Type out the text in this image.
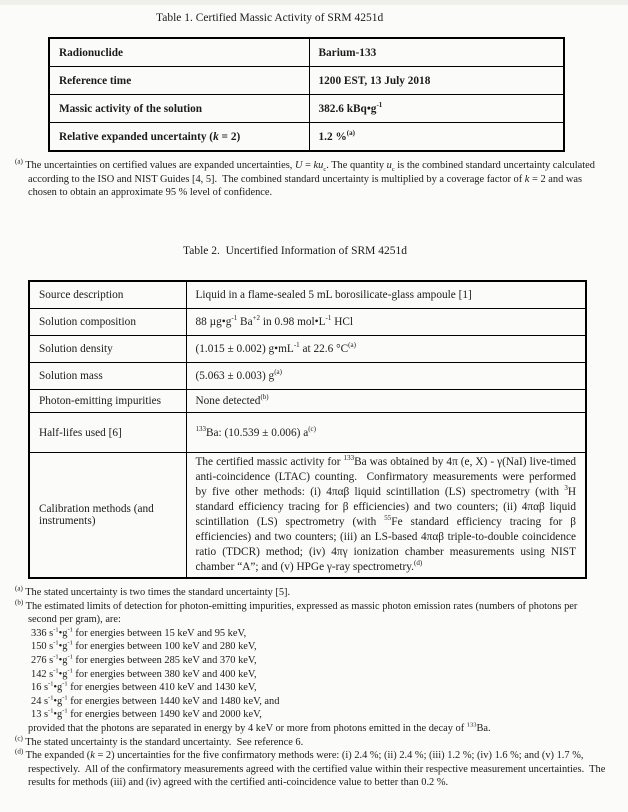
Table 1. Certified Massic Activity of SRM 4251d
Radionuclide	Barium-133
Reference time	1200 EST, 13 July 2018
Massic activity of the solution	382.6 $kBq•g^{-1}$
Relative expanded uncertainty (k = 2)	1.2 %$^{(a)}$
$^{(a)}$ The uncertainties on certified values are expanded uncertainties, $U = ku_c$. The quantity $u_c$ is the combined standard uncertainty calculated according to the ISO and NIST Guides [4, 5].  The combined standard uncertainty is multiplied by a coverage factor of k = 2 and was chosen to obtain an approximate 95 % level of confidence.
Table 2.  Uncertified Information of SRM 4251d
Source description	Liquid in a flame-sealed 5 mL borosilicate-glass ampoule [1]
Solution composition	88 $\mu g•g^{-1}$ $Ba^{+2}$ in 0.98 $mol•L^{-1}$ HCl
Solution density	(1.015 ± 0.002) $g•mL^{-1}$ at 22.6 $^\circ C^{(a)}$
Solution mass	(5.063 ± 0.003) $g^{(a)}$
Photon-emitting impurities	None detected$^{(b)}$
Half-lifes used [6]	$^{133}$Ba: (10.539 ± 0.006) $a^{(c)}$
Calibration methods (and instruments)	The certified massic activity for $^{133}$Ba was obtained by 4π (e, X) - γ(NaI) live-timed anti-coincidence (LTAC) counting.  Confirmatory measurements were performed by five other methods: (i) 4παβ liquid scintillation (LS) spectrometry (with $^3$H standard efficiency tracing for β efficiencies) and two counters; (ii) 4παβ liquid scintillation (LS) spectrometry (with $^{55}$Fe standard efficiency tracing for β efficiencies) and two counters; (iii) an LS-based 4παβ triple-to-double coincidence ratio (TDCR) method; (iv) 4πγ ionization chamber measurements using NIST chamber “A”; and (v) HPGe γ-ray spectrometry.$^{(d)}$
$^{(a)}$ The stated uncertainty is two times the standard uncertainty [5].
$^{(b)}$ The estimated limits of detection for photon-emitting impurities, expressed as massic photon emission rates (numbers of photons per second per gram), are:
336 $s^{-1}•g^{-1}$ for energies between 15 keV and 95 keV,
150 $s^{-1}•g^{-1}$ for energies between 100 keV and 280 keV,
276 $s^{-1}•g^{-1}$ for energies between 285 keV and 370 keV,
142 $s^{-1}•g^{-1}$ for energies between 380 keV and 400 keV,
16 $s^{-1}•g^{-1}$ for energies between 410 keV and 1430 keV,
24 $s^{-1}•g^{-1}$ for energies between 1440 keV and 1480 keV, and
13 $s^{-1}•g^{-1}$ for energies between 1490 keV and 2000 keV,
provided that the photons are separated in energy by 4 keV or more from photons emitted in the decay of $^{133}$Ba.
$^{(c)}$ The stated uncertainty is the standard uncertainty.  See reference 6.
$^{(d)}$ The expanded (k = 2) uncertainties for the five confirmatory methods were: (i) 2.4 %; (ii) 2.4 %; (iii) 1.2 %; (iv) 1.6 %; and (v) 1.7 %, respectively.  All of the confirmatory measurements agreed with the certified value within their respective measurement uncertainties.  The results for methods (iii) and (iv) agreed with the certified anti-coincidence value to better than 0.2 %.
